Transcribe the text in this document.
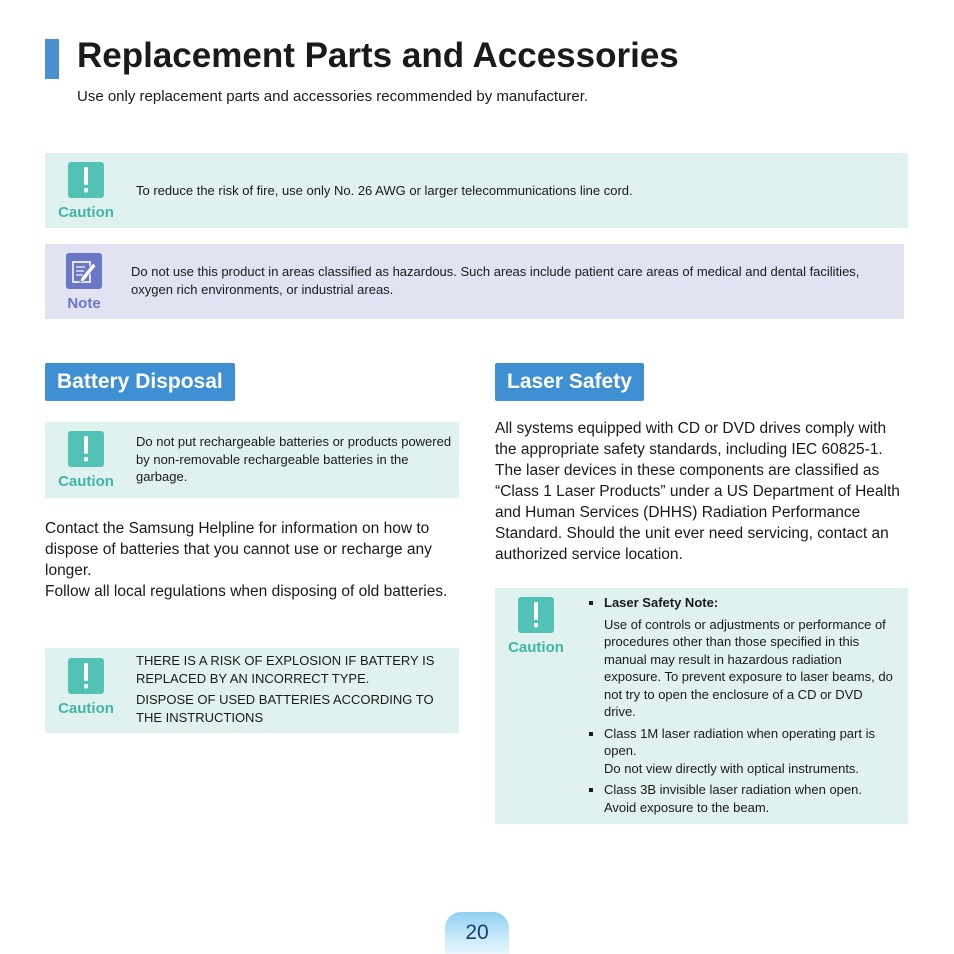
Replacement Parts and Accessories
Use only replacement parts and accessories recommended by manufacturer.
Caution
To reduce the risk of fire, use only No. 26 AWG or larger telecommunications line cord.
Note
Do not use this product in areas classified as hazardous. Such areas include patient care areas of medical and dental facilities, oxygen rich environments, or industrial areas.
Battery Disposal
Caution
Do not put rechargeable batteries or products powered by non-removable rechargeable batteries in the garbage.

Contact the Samsung Helpline for information on how to dispose of batteries that you cannot use or recharge any longer.

Follow all local regulations when disposing of old batteries.

Caution
THERE IS A RISK OF EXPLOSION IF BATTERY IS REPLACED BY AN INCORRECT TYPE.
DISPOSE OF USED BATTERIES ACCORDING TO THE INSTRUCTIONS
Laser Safety
All systems equipped with CD or DVD drives comply with the appropriate safety standards, including IEC 60825-1. The laser devices in these components are classified as “Class 1 Laser Products” under a US Department of Health and Human Services (DHHS) Radiation Performance Standard. Should the unit ever need servicing, contact an authorized service location.
Caution
Laser Safety Note:
Use of controls or adjustments or performance of procedures other than those specified in this manual may result in hazardous radiation exposure. To prevent exposure to laser beams, do not try to open the enclosure of a CD or DVD drive.
Class 1M laser radiation when operating part is open.
Do not view directly with optical instruments.
Class 3B invisible laser radiation when open. Avoid exposure to the beam.
20
